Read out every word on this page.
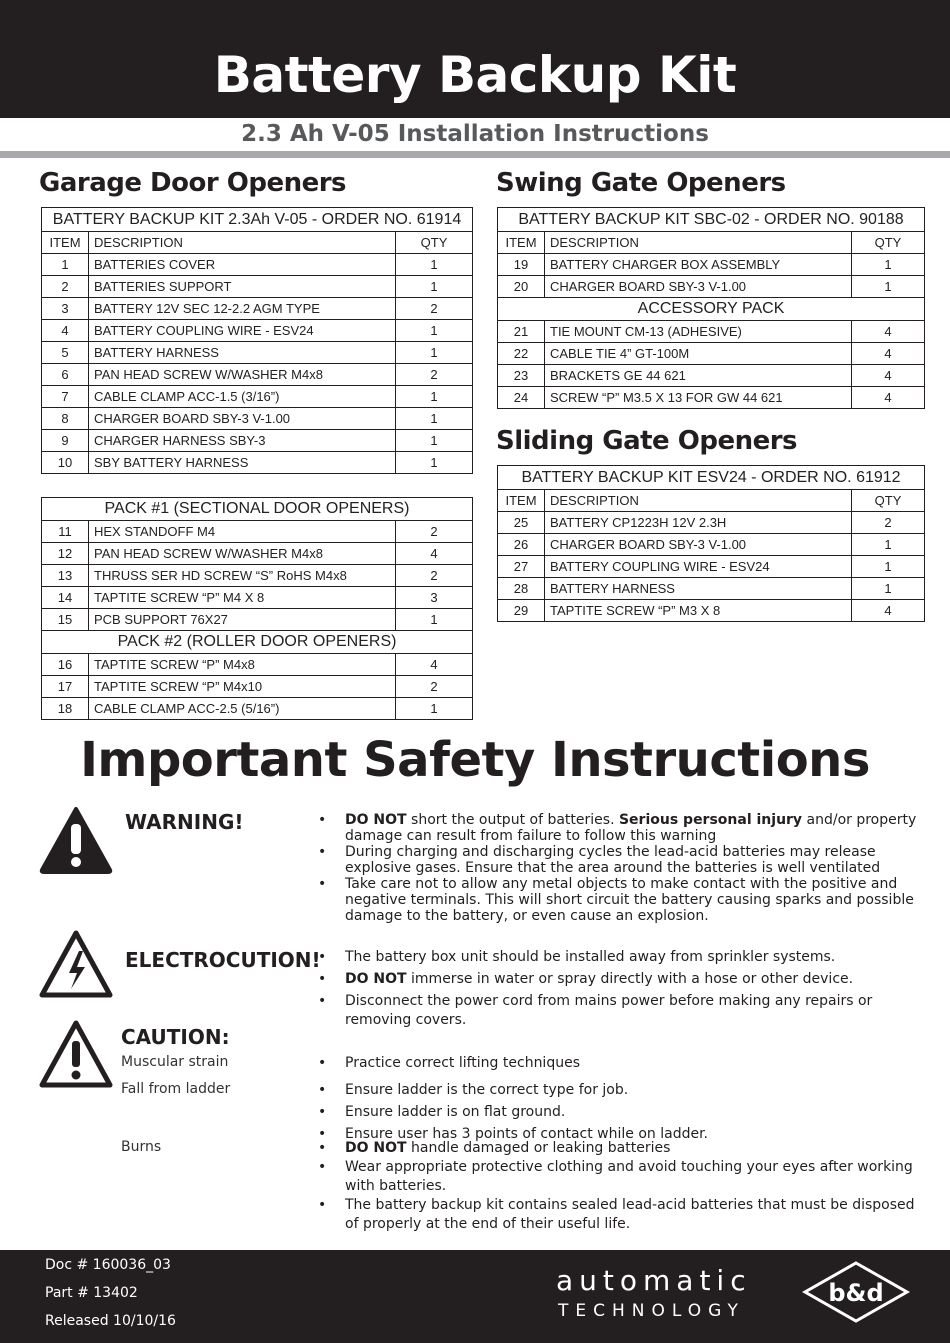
Battery Backup Kit
2.3 Ah V-05 Installation Instructions
Garage Door Openers
BATTERY BACKUP KIT 2.3Ah V-05 - ORDER NO. 61914		
ITEM	DESCRIPTION	QTY
1	BATTERIES COVER	1
2	BATTERIES SUPPORT	1
3	BATTERY 12V SEC 12-2.2 AGM TYPE	2
4	BATTERY COUPLING WIRE - ESV24	1
5	BATTERY HARNESS	1
6	PAN HEAD SCREW W/WASHER M4x8	2
7	CABLE CLAMP ACC-1.5 (3/16”)	1
8	CHARGER BOARD SBY-3 V-1.00	1
9	CHARGER HARNESS SBY-3	1
10	SBY BATTERY HARNESS	1
PACK #1 (SECTIONAL DOOR OPENERS)		
11	HEX STANDOFF M4	2
12	PAN HEAD SCREW W/WASHER M4x8	4
13	THRUSS SER HD SCREW “S” RoHS M4x8	2
14	TAPTITE SCREW “P” M4 X 8	3
15	PCB SUPPORT 76X27	1
PACK #2 (ROLLER DOOR OPENERS)		
16	TAPTITE SCREW “P” M4x8	4
17	TAPTITE SCREW “P” M4x10	2
18	CABLE CLAMP ACC-2.5 (5/16”)	1
Swing Gate Openers
BATTERY BACKUP KIT SBC-02 - ORDER NO. 90188		
ITEM	DESCRIPTION	QTY
19	BATTERY CHARGER BOX ASSEMBLY	1
20	CHARGER BOARD SBY-3 V-1.00	1
ACCESSORY PACK		
21	TIE MOUNT CM-13 (ADHESIVE)	4
22	CABLE TIE 4” GT-100M	4
23	BRACKETS GE 44 621	4
24	SCREW “P” M3.5 X 13 FOR GW 44 621	4
Sliding Gate Openers
BATTERY BACKUP KIT ESV24 - ORDER NO. 61912		
ITEM	DESCRIPTION	QTY
25	BATTERY CP1223H 12V 2.3H	2
26	CHARGER BOARD SBY-3 V-1.00	1
27	BATTERY COUPLING WIRE - ESV24	1
28	BATTERY HARNESS	1
29	TAPTITE SCREW “P” M3 X 8	4
Important Safety Instructions
WARNING!	• DO NOT short the output of batteries. Serious personal injury and/or property damage can result from failure to follow this warning
• During charging and discharging cycles the lead-acid batteries may release explosive gases. Ensure that the area around the batteries is well ventilated
• Take care not to allow any metal objects to make contact with the positive and negative terminals. This will short circuit the battery causing sparks and possible damage to the battery, or even cause an explosion.
ELECTROCUTION!	• The battery box unit should be installed away from sprinkler systems.
• DO NOT immerse in water or spray directly with a hose or other device.
• Disconnect the power cord from mains power before making any repairs or removing covers.
CAUTION:
Muscular strain	• Practice correct lifting techniques
Fall from ladder	• Ensure ladder is the correct type for job.
• Ensure ladder is on flat ground.
• Ensure user has 3 points of contact while on ladder.
Burns	• DO NOT handle damaged or leaking batteries
• Wear appropriate protective clothing and avoid touching your eyes after working with batteries.
• The battery backup kit contains sealed lead-acid batteries that must be disposed of properly at the end of their useful life.
Doc # 160036_03
Part # 13402
Released 10/10/16
automatic
TECHNOLOGY
b&d
